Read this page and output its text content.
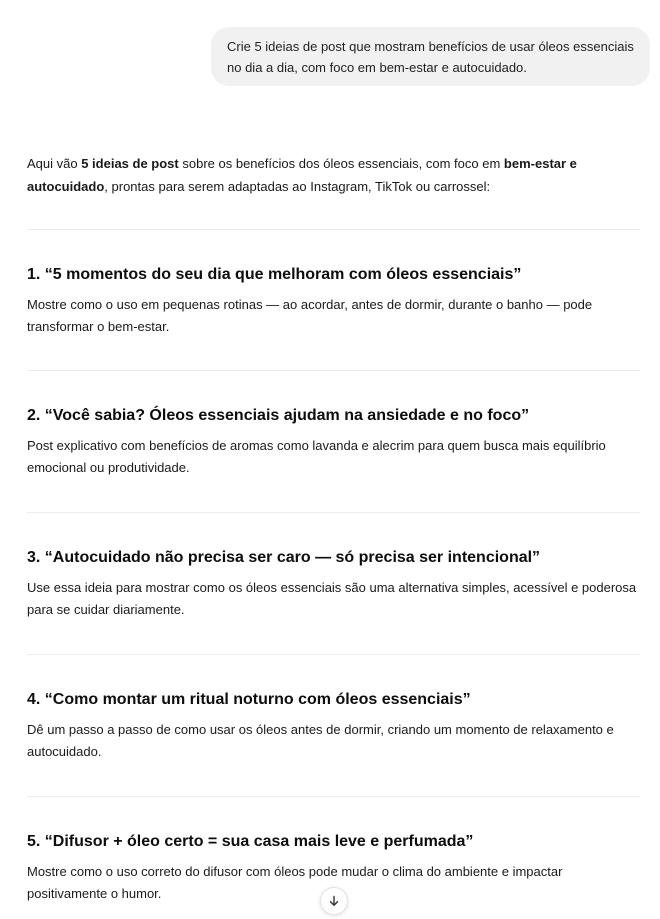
Crie 5 ideias de post que mostram benefícios de usar óleos essenciais no dia a dia, com foco em bem-estar e autocuidado.
Aqui vão 5 ideias de post sobre os benefícios dos óleos essenciais, com foco em bem-estar e autocuidado, prontas para serem adaptadas ao Instagram, TikTok ou carrossel:
1. “5 momentos do seu dia que melhoram com óleos essenciais”
Mostre como o uso em pequenas rotinas — ao acordar, antes de dormir, durante o banho — pode transformar o bem-estar.
2. “Você sabia? Óleos essenciais ajudam na ansiedade e no foco”
Post explicativo com benefícios de aromas como lavanda e alecrim para quem busca mais equilíbrio emocional ou produtividade.
3. “Autocuidado não precisa ser caro — só precisa ser intencional”
Use essa ideia para mostrar como os óleos essenciais são uma alternativa simples, acessível e poderosa para se cuidar diariamente.
4. “Como montar um ritual noturno com óleos essenciais”
Dê um passo a passo de como usar os óleos antes de dormir, criando um momento de relaxamento e autocuidado.
5. “Difusor + óleo certo = sua casa mais leve e perfumada”
Mostre como o uso correto do difusor com óleos pode mudar o clima do ambiente e impactar positivamente o humor.
